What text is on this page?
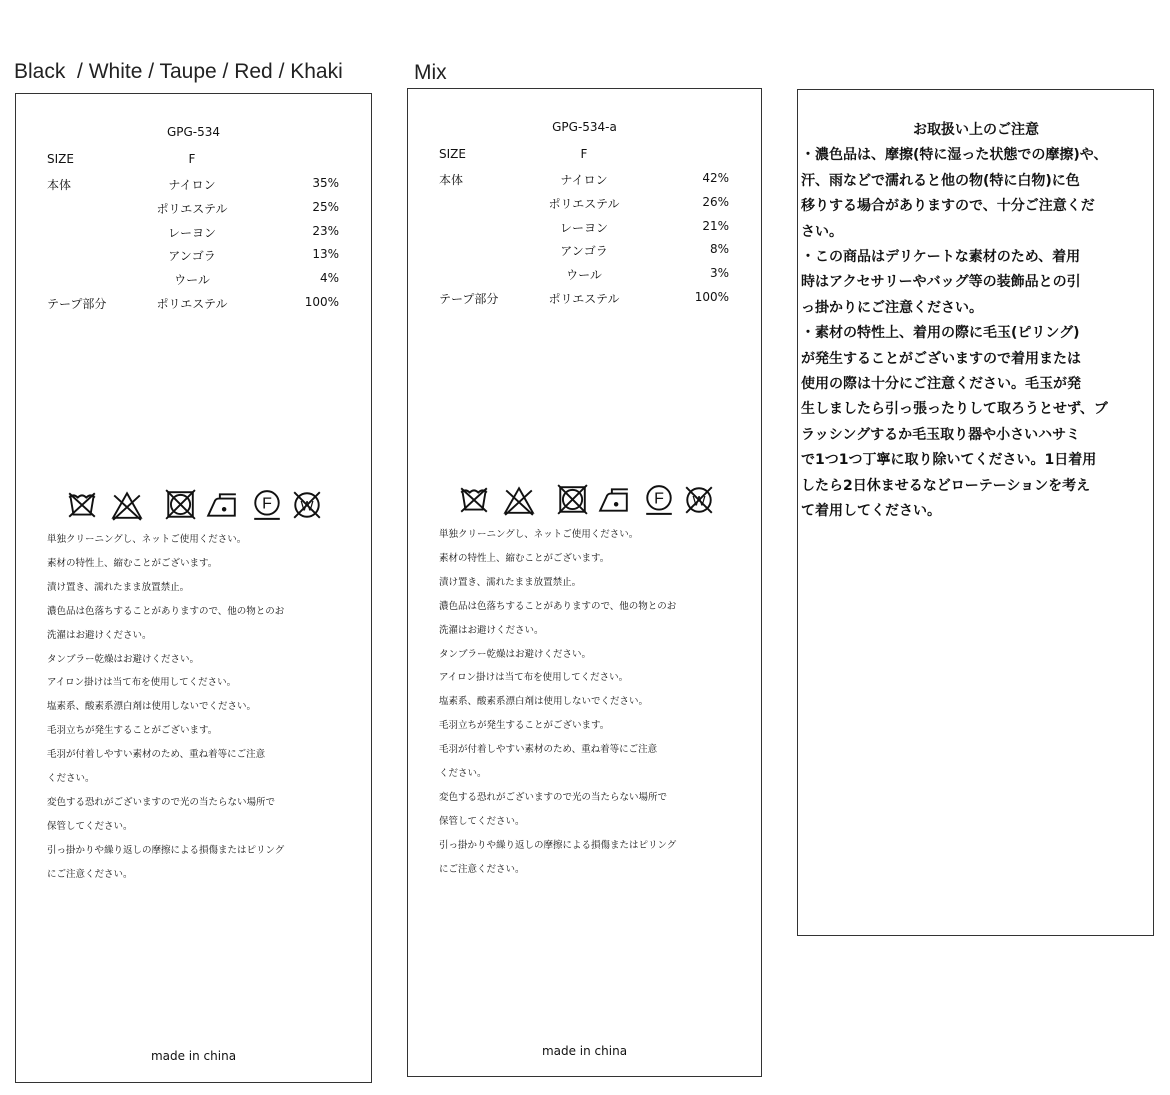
Black  / White / Taupe / Red / Khaki	Mix
GPG-534
SIZE	F
本体	ナイロン	35%
ポリエステル	25%
レーヨン	23%
アンゴラ	13%
ウール	4%
テープ部分	ポリエステル	100%
F W
単独クリーニングし、ネットご使用ください。
素材の特性上、縮むことがございます。
漬け置き、濡れたまま放置禁止。
濃色品は色落ちすることがありますので、他の物とのお
洗濯はお避けください。
タンブラー乾燥はお避けください。
アイロン掛けは当て布を使用してください。
塩素系、酸素系漂白剤は使用しないでください。
毛羽立ちが発生することがございます。
毛羽が付着しやすい素材のため、重ね着等にご注意
ください。
変色する恐れがございますので光の当たらない場所で
保管してください。
引っ掛かりや繰り返しの摩擦による損傷またはピリング
にご注意ください。
made in china
GPG-534-a
SIZE	F
本体	ナイロン	42%
ポリエステル	26%
レーヨン	21%
アンゴラ	8%
ウール	3%
テープ部分	ポリエステル	100%
F W
単独クリーニングし、ネットご使用ください。
素材の特性上、縮むことがございます。
漬け置き、濡れたまま放置禁止。
濃色品は色落ちすることがありますので、他の物とのお
洗濯はお避けください。
タンブラー乾燥はお避けください。
アイロン掛けは当て布を使用してください。
塩素系、酸素系漂白剤は使用しないでください。
毛羽立ちが発生することがございます。
毛羽が付着しやすい素材のため、重ね着等にご注意
ください。
変色する恐れがございますので光の当たらない場所で
保管してください。
引っ掛かりや繰り返しの摩擦による損傷またはピリング
にご注意ください。
made in china
お取扱い上のご注意
・濃色品は、摩擦(特に湿った状態での摩擦)や、
汗、雨などで濡れると他の物(特に白物)に色
移りする場合がありますので、十分ご注意くだ
さい。
・この商品はデリケートな素材のため、着用
時はアクセサリーやバッグ等の装飾品との引
っ掛かりにご注意ください。
・素材の特性上、着用の際に毛玉(ピリング)
が発生することがございますので着用または
使用の際は十分にご注意ください。毛玉が発
生しましたら引っ張ったりして取ろうとせず、ブ
ラッシングするか毛玉取り器や小さいハサミ
で1つ1つ丁寧に取り除いてください。1日着用
したら2日休ませるなどローテーションを考え
て着用してください。
